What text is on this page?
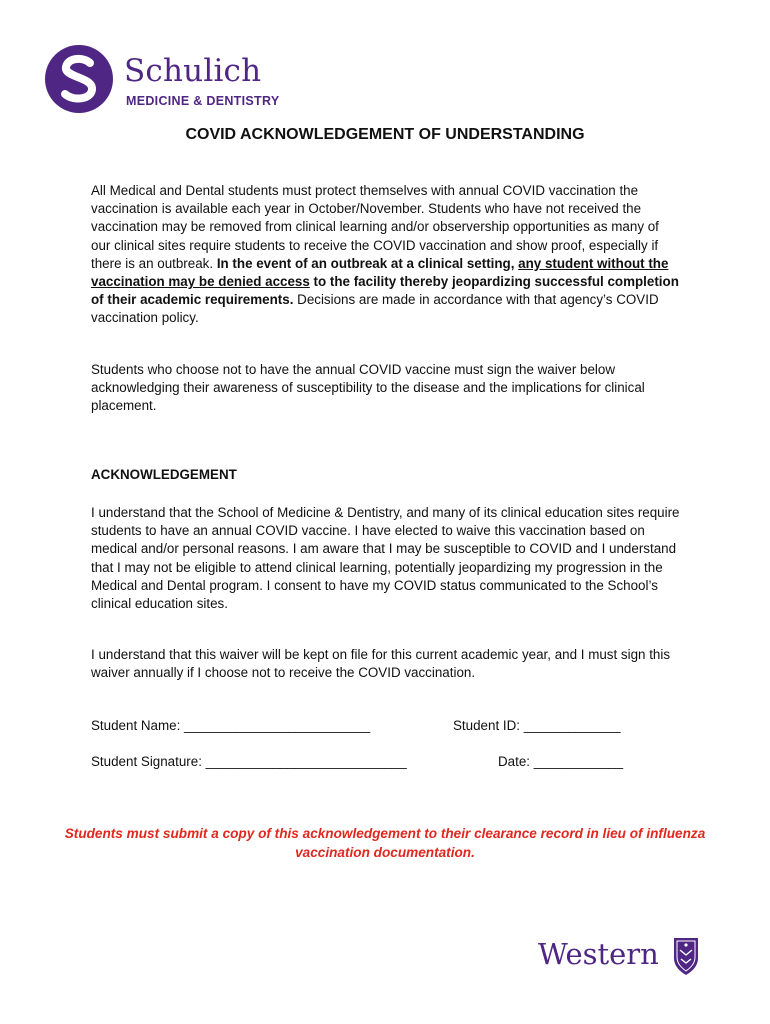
Schulich
MEDICINE & DENTISTRY
COVID ACKNOWLEDGEMENT OF UNDERSTANDING
All Medical and Dental students must protect themselves with annual COVID vaccination the vaccination is available each year in October/November. Students who have not received the vaccination may be removed from clinical learning and/or observership opportunities as many of our clinical sites require students to receive the COVID vaccination and show proof, especially if there is an outbreak. In the event of an outbreak at a clinical setting, any student without the vaccination may be denied access to the facility thereby jeopardizing successful completion of their academic requirements. Decisions are made in accordance with that agency’s COVID vaccination policy.
Students who choose not to have the annual COVID vaccine must sign the waiver below acknowledging their awareness of susceptibility to the disease and the implications for clinical placement.
ACKNOWLEDGEMENT
I understand that the School of Medicine & Dentistry, and many of its clinical education sites require students to have an annual COVID vaccine. I have elected to waive this vaccination based on medical and/or personal reasons. I am aware that I may be susceptible to COVID and I understand that I may not be eligible to attend clinical learning, potentially jeopardizing my progression in the Medical and Dental program. I consent to have my COVID status communicated to the School’s clinical education sites.
I understand that this waiver will be kept on file for this current academic year, and I must sign this waiver annually if I choose not to receive the COVID vaccination.
Student Name: _________________________	Student ID: _____________
Student Signature: ___________________________	Date: ____________
Students must submit a copy of this acknowledgement to their clearance record in lieu of influenza vaccination documentation.
Western
